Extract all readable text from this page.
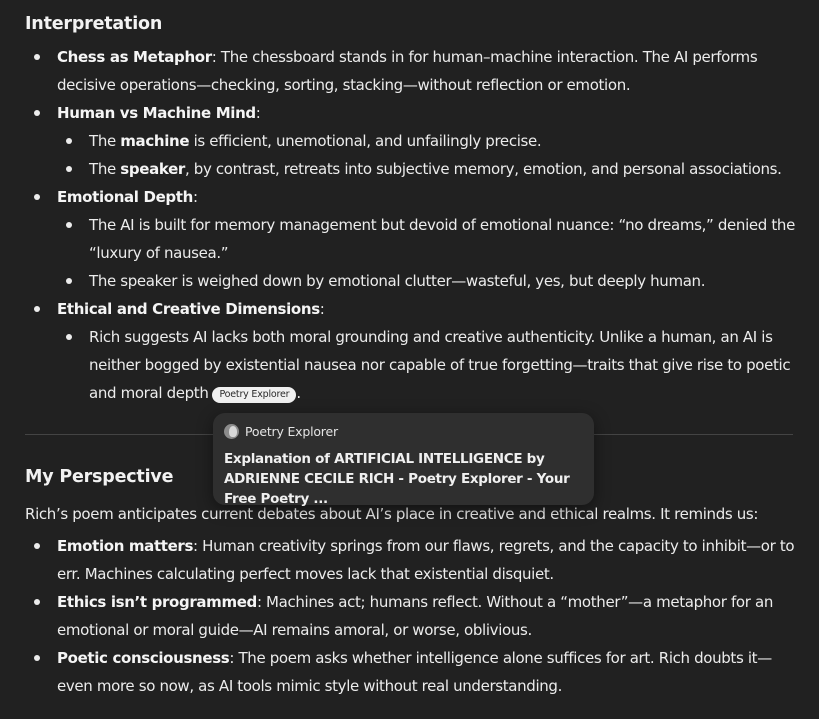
Interpretation
Chess as Metaphor: The chessboard stands in for human–machine interaction. The AI performs decisive operations—checking, sorting, stacking—without reflection or emotion.
Human vs Machine Mind:
The machine is efficient, unemotional, and unfailingly precise.
The speaker, by contrast, retreats into subjective memory, emotion, and personal associations.
Emotional Depth:
The AI is built for memory management but devoid of emotional nuance: “no dreams,” denied the “luxury of nausea.”
The speaker is weighed down by emotional clutter—wasteful, yes, but deeply human.
Ethical and Creative Dimensions:
Rich suggests AI lacks both moral grounding and creative authenticity. Unlike a human, an AI is neither bogged by existential nausea nor capable of true forgetting—traits that give rise to poetic and moral depth Poetry Explorer .
My Perspective
Rich’s poem anticipates current debates about AI’s place in creative and ethical realms. It reminds us:
Emotion matters: Human creativity springs from our flaws, regrets, and the capacity to inhibit—or to err. Machines calculating perfect moves lack that existential disquiet.
Ethics isn’t programmed: Machines act; humans reflect. Without a “mother”—a metaphor for an emotional or moral guide—AI remains amoral, or worse, oblivious.
Poetic consciousness: The poem asks whether intelligence alone suffices for art. Rich doubts it—even more so now, as AI tools mimic style without real understanding.
Poetry Explorer
Explanation of ARTIFICIAL INTELLIGENCE by ADRIENNE CECILE RICH - Poetry Explorer - Your Free Poetry ...
